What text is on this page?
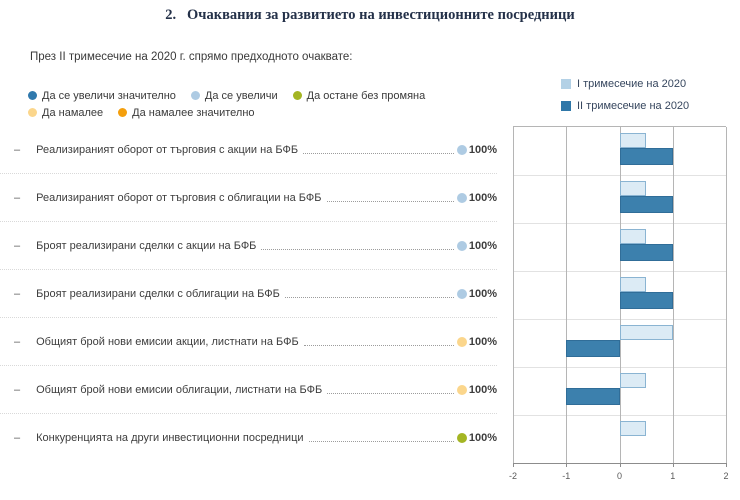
2.   Очаквания за развитието на инвестиционните посредници
През II тримесечие на 2020 г. спрямо предходното очаквате:
Да се увеличи значително	Да се увеличи	Да остане без промяна
Да намалее	Да намалее значително
I тримесечие на 2020
II тримесечие на 2020
– Реализираният оборот от търговия с акции на БФБ	100%
– Реализираният оборот от търговия с облигации на БФБ	100%
– Броят реализирани сделки с акции на БФБ	100%
– Броят реализирани сделки с облигации на БФБ	100%
– Общият брой нови емисии акции, листнати на БФБ	100%
– Общият брой нови емисии облигации, листнати на БФБ	100%
– Конкуренцията на други инвестиционни посредници	100%
-2	-1	0	1	2
